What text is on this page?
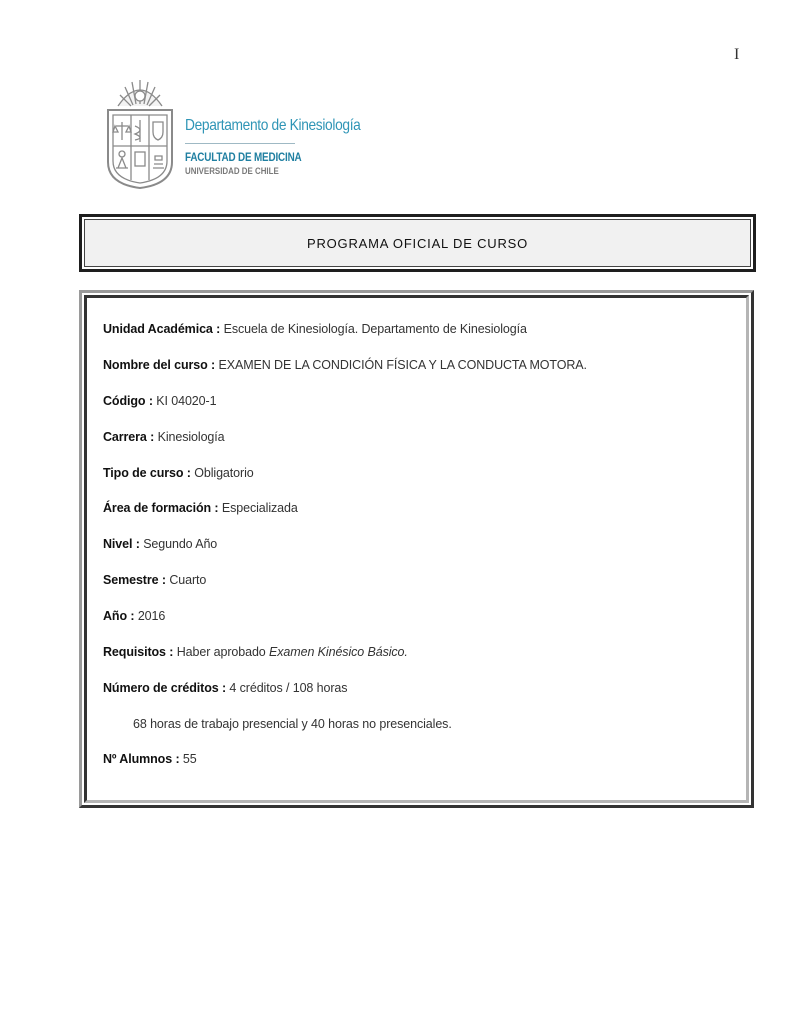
I
Departamento de Kinesiología
FACULTAD DE MEDICINA
UNIVERSIDAD DE CHILE
PROGRAMA OFICIAL DE CURSO
Unidad Académica : Escuela de Kinesiología. Departamento de Kinesiología
Nombre del curso : EXAMEN DE LA CONDICIÓN FÍSICA Y LA CONDUCTA MOTORA.
Código : KI 04020-1
Carrera : Kinesiología
Tipo de curso : Obligatorio
Área de formación : Especializada
Nivel : Segundo Año
Semestre : Cuarto
Año : 2016
Requisitos : Haber aprobado Examen Kinésico Básico.
Número de créditos : 4 créditos / 108 horas
68 horas de trabajo presencial y 40 horas no presenciales.
Nº Alumnos : 55
